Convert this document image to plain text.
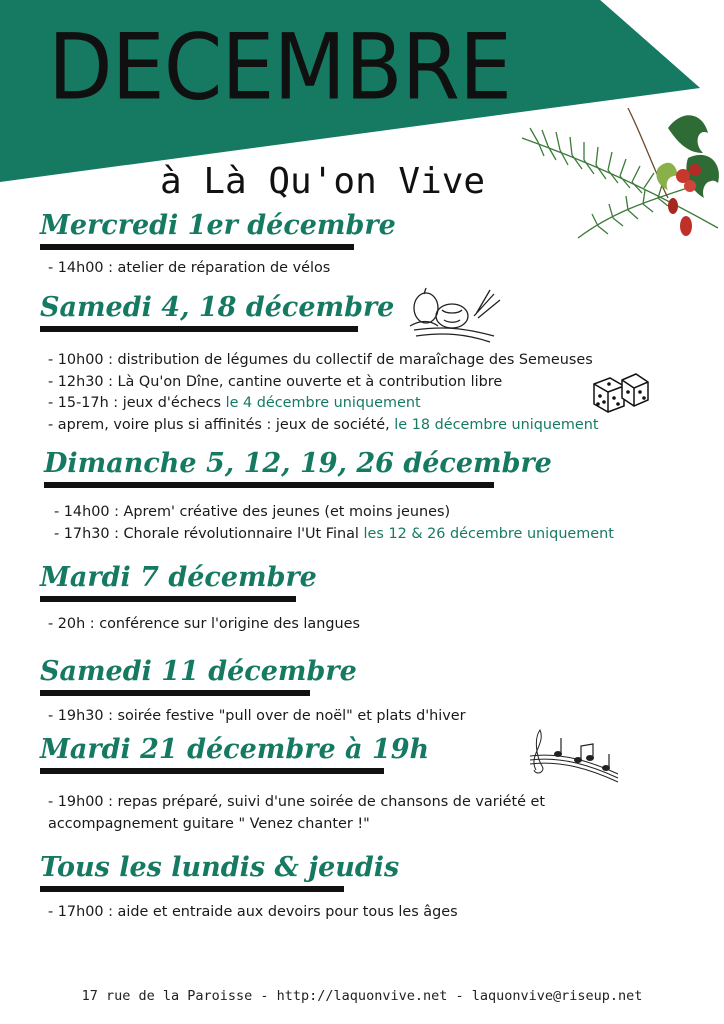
DECEMBRE

à Là Qu'on Vive

Mercredi 1er décembre

- 14h00 : atelier de réparation de vélos

Samedi 4, 18 décembre

- 10h00 : distribution de légumes du collectif de maraîchage des Semeuses

- 12h30 : Là Qu'on Dîne, cantine ouverte et à contribution libre

- 15-17h : jeux d'échecs le 4 décembre uniquement

- aprem, voire plus si affinités : jeux de société, le 18 décembre uniquement

Dimanche 5, 12, 19, 26 décembre

- 14h00 : Aprem' créative des jeunes (et moins jeunes)

- 17h30 : Chorale révolutionnaire l'Ut Final les 12 & 26 décembre uniquement

Mardi 7 décembre

- 20h : conférence sur l'origine des langues

Samedi 11 décembre

- 19h30 : soirée festive "pull over de noël" et plats d'hiver

Mardi 21 décembre à 19h

- 19h00 : repas préparé, suivi d'une soirée de chansons de variété et

accompagnement guitare " Venez chanter !"

Tous les lundis & jeudis

- 17h00 : aide et entraide aux devoirs pour tous les âges

17 rue de la Paroisse - http://laquonvive.net - laquonvive@riseup.net
